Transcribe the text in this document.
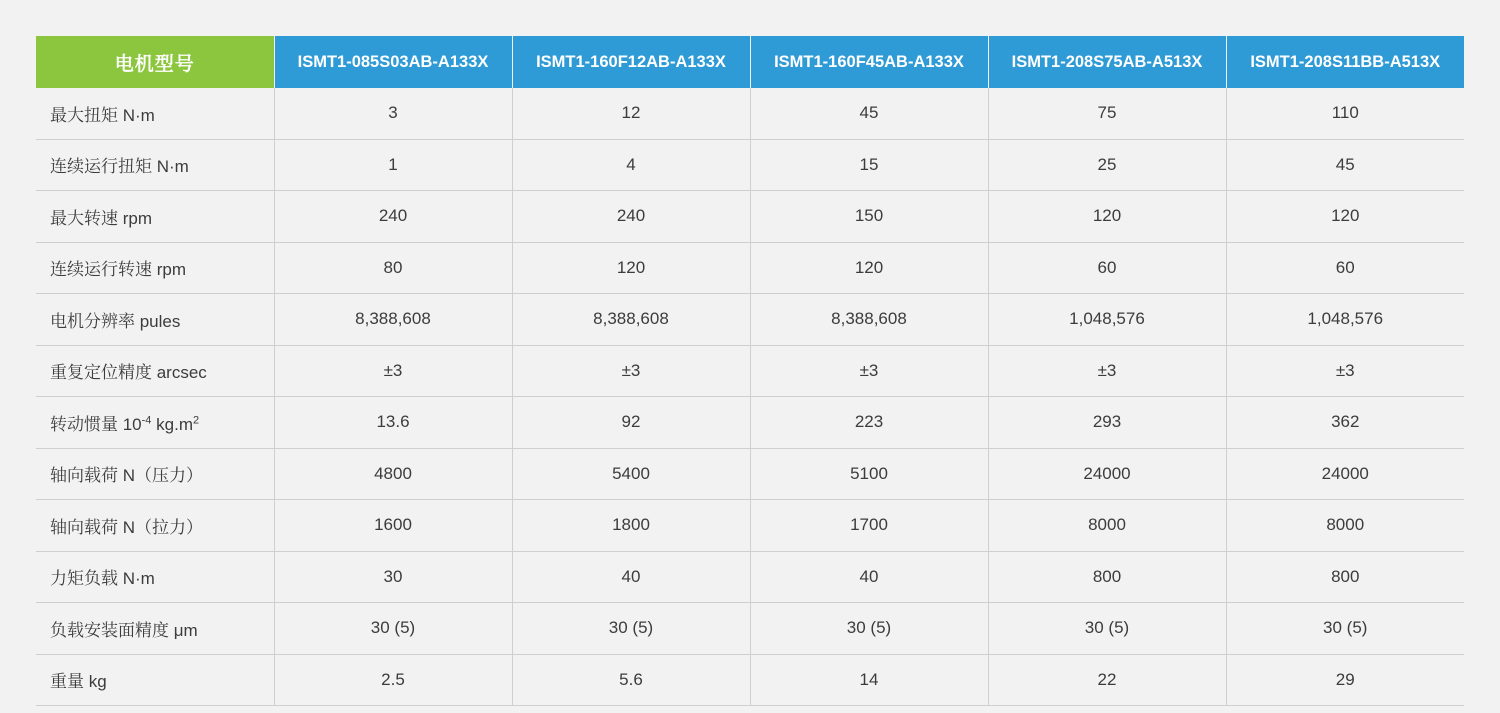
电机型号	ISMT1-085S03AB-A133X	ISMT1-160F12AB-A133X	ISMT1-160F45AB-A133X	ISMT1-208S75AB-A513X	ISMT1-208S11BB-A513X
最大扭矩 N·m	3	12	45	75	110
连续运行扭矩 N·m	1	4	15	25	45
最大转速 rpm	240	240	150	120	120
连续运行转速 rpm	80	120	120	60	60
电机分辨率 pules	8,388,608	8,388,608	8,388,608	1,048,576	1,048,576
重复定位精度 arcsec	±3	±3	±3	±3	±3
转动惯量 $10^{-4}$ $kg.m^2$	13.6	92	223	293	362
轴向载荷 N（压力）	4800	5400	5100	24000	24000
轴向载荷 N（拉力）	1600	1800	1700	8000	8000
力矩负载 N·m	30	40	40	800	800
负载安装面精度 μm	30 (5)	30 (5)	30 (5)	30 (5)	30 (5)
重量 kg	2.5	5.6	14	22	29
